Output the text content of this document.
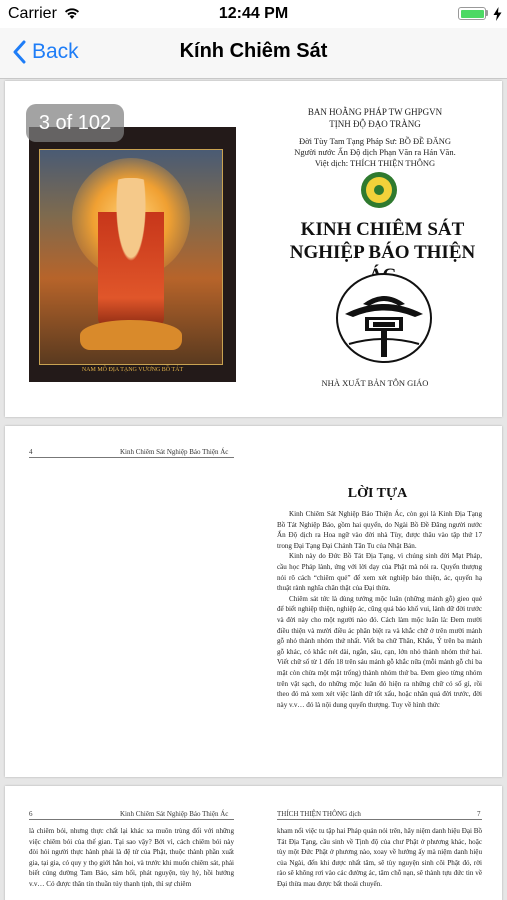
Carrier	12:44 PM
Back	Kính Chiêm Sát
3 of 102
NAM MÔ ĐỊA TẠNG VƯƠNG BỒ TÁT
BAN HOẰNG PHÁP TW GHPGVN
TỊNH ĐỘ ĐẠO TRÀNG
Đời Tùy Tam Tạng Pháp Sư: BỒ ĐỀ ĐĂNG
Người nước Ấn Độ dịch Phạn Văn ra Hán Văn.
Việt dịch: THÍCH THIỆN THÔNG
KINH CHIÊM SÁT
NGHIỆP BÁO THIỆN
NHÀ XUẤT BẢN TÔN GIÁO
4	Kinh Chiêm Sát Nghiệp Báo Thiện Ác
LỜI TỰA
Kinh Chiêm Sát Nghiệp Báo Thiện Ác, còn gọi là Kinh Địa Tạng Bồ Tát Nghiệp Báo, gồm hai quyển, do Ngài Bồ Đề Đăng người nước Ấn Độ dịch ra Hoa ngữ vào đời nhà Tùy, được thâu vào tập thứ 17 trong Đại Tạng Đại Chánh Tân Tu của Nhật Bản.
Kinh này do Đức Bồ Tát Địa Tạng, vì chúng sinh đời Mạt Pháp, cầu học Pháp lành, ứng với lời dạy của Phật mà nói ra. Quyển thượng nói rõ cách “chiêm quẻ” để xem xét nghiệp báo thiện, ác, quyển hạ thuật rành nghĩa chân thật của Đại thừa.
Chiêm sát tức là dùng tướng mộc luân (những mảnh gỗ) gieo quẻ để biết nghiệp thiện, nghiệp ác, cũng quả báo khổ vui, lành dữ đời trước và đời này cho một người nào đó. Cách làm mộc luân là: Đem mười điều thiện và mười điều ác phân biệt ra và khắc chữ ở trên mười mảnh gỗ nhỏ thành nhóm thứ nhất. Viết ba chữ Thân, Khẩu, Ý trên ba mảnh gỗ khác, có khắc nét dài, ngắn, sâu, cạn, lớn nhỏ thành nhóm thứ hai. Viết chữ số từ 1 đến 18 trên sáu mảnh gỗ khắc nữa (mỗi mảnh gỗ chỉ ba mặt còn chừa một mặt trống) thành nhóm thứ ba. Đem gieo từng nhóm trên vật sạch, do những mộc luân đó hiện ra những chữ có số gì, rồi theo đó mà xem xét việc lành dữ tốt xấu, hoặc nhân quả đời trước, đời này v.v… đó là nội dung quyển thượng. Tuy về hình thức
6	Kinh Chiêm Sát Nghiệp Báo Thiện Ác	THÍCH THIỆN THÔNG dịch	7
là chiêm bói, nhưng thực chất lại khác xa muôn trùng đối với những việc chiêm bói của thế gian. Tại sao vậy? Bởi vì, cách chiêm bói này đòi hỏi người thực hành phải là đệ tử của Phật, thuộc thành phần xuất gia, tại gia, có quy y thọ giới hẳn hoi, và trước khi muốn chiêm sát, phải biết cúng dường Tam Bảo, sám hối, phát nguyện, tùy hỷ, hồi hướng v.v… Có được thân tín thuần túy thanh tịnh, thì sự chiêm
kham nổi việc tu tập hai Pháp quán nói trên, hãy niệm danh hiệu Đại Bồ Tát Địa Tạng, cầu sinh về Tịnh độ của chư Phật ở phương khác, hoặc tùy một Đức Phật ở phương nào, xoay về hướng ấy mà niệm danh hiệu của Ngài, đến khi được nhất tâm, sẽ tùy nguyện sinh cõi Phật đó, rời rào sẽ không rơi vào các đường ác, tâm chỗ nạn, sẽ thành tựu đức tin về Đại thừa mau được bất thoái chuyển.
